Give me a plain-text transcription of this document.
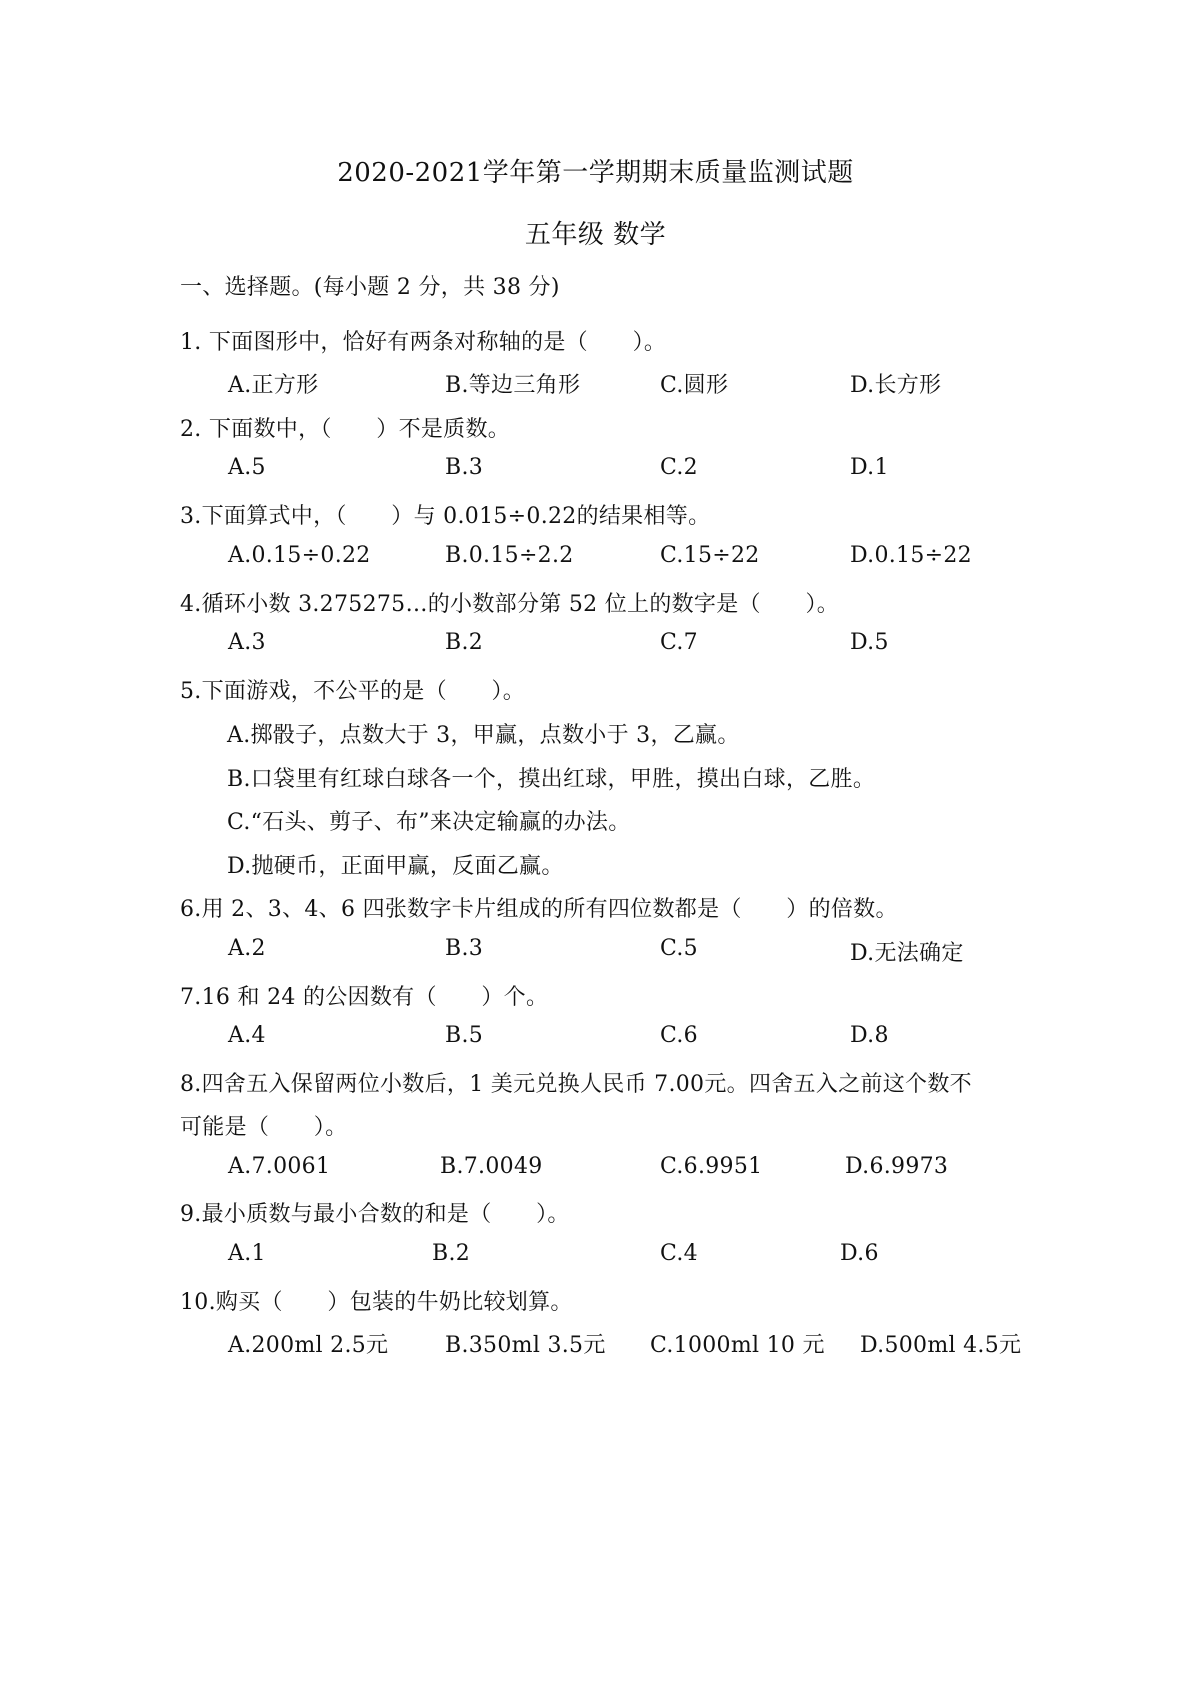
2020-2021学年第一学期期末质量监测试题
五年级 数学
一、选择题。(每小题 2 分，共 38 分)
1. 下面图形中，恰好有两条对称轴的是（　　）。
A.正方形	B.等边三角形	C.圆形	D.长方形
2. 下面数中，（　　）不是质数。
A.5	B.3	C.2	D.1
3.下面算式中，（　　）与 0.015÷0.22的结果相等。
A.0.15÷0.22	B.0.15÷2.2	C.15÷22	D.0.15÷22
4.循环小数 3.275275…的小数部分第 52 位上的数字是（　　）。
A.3	B.2	C.7	D.5
5.下面游戏，不公平的是（　　）。
A.掷骰子，点数大于 3，甲赢，点数小于 3，乙赢。
B.口袋里有红球白球各一个，摸出红球，甲胜，摸出白球，乙胜。
C.“石头、剪子、布”来决定输赢的办法。
D.抛硬币，正面甲赢，反面乙赢。
6.用 2、3、4、6 四张数字卡片组成的所有四位数都是（　　）的倍数。
A.2	B.3	C.5	D.无法确定
7.16 和 24 的公因数有（　　）个。
A.4	B.5	C.6	D.8
8.四舍五入保留两位小数后，1 美元兑换人民币 7.00元。四舍五入之前这个数不
可能是（　　）。
A.7.0061	B.7.0049	C.6.9951	D.6.9973
9.最小质数与最小合数的和是（　　）。
A.1	B.2	C.4	D.6
10.购买（　　）包装的牛奶比较划算。
A.200ml 2.5元	B.350ml 3.5元 C.1000ml 10 元 D.500ml 4.5元
